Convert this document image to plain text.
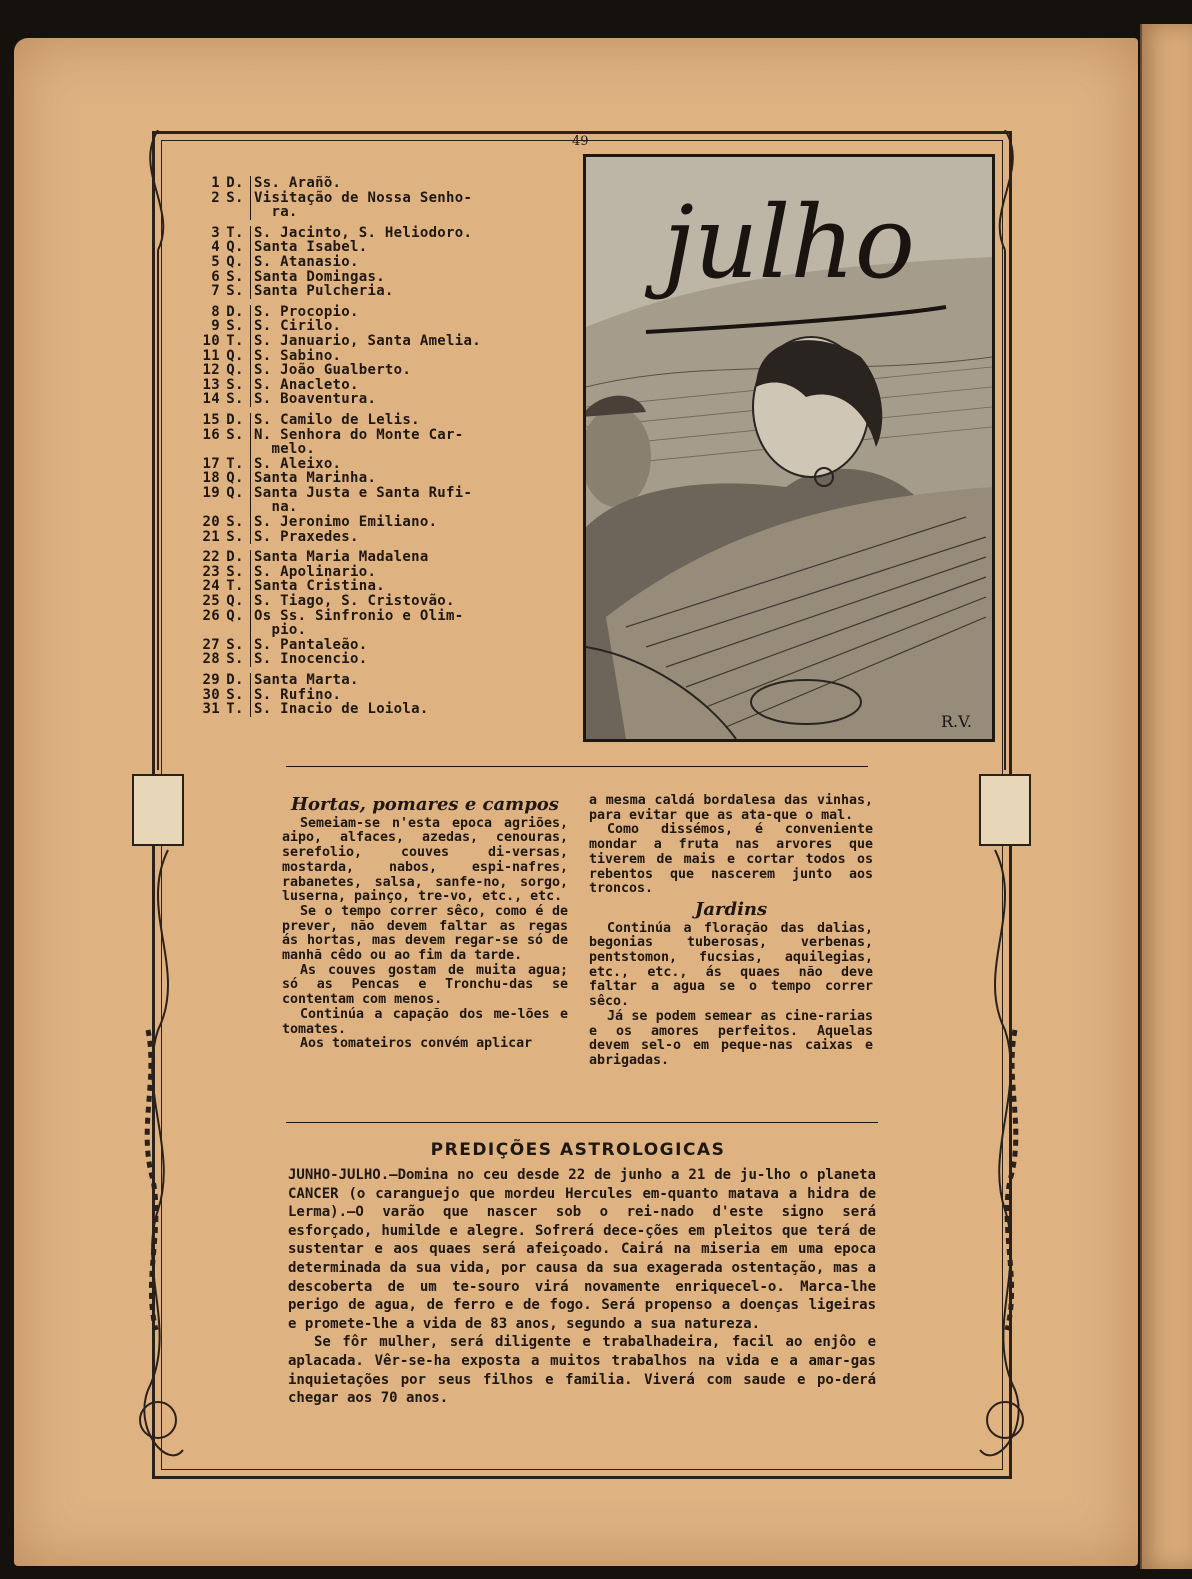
49
1 D. Ss. Arañ̃o.
2 S. Visitação de Nossa Senho-
ra.
3 T. S. Jacinto, S. Heliodoro.
4 Q. Santa Isabel.
5 Q. S. Atanasio.
6 S. Santa Domingas.
7 S. Santa Pulcheria.
8 D. S. Procopio.
9 S. S. Cirilo.
10 T. S. Januario, Santa Amelia.
11 Q. S. Sabino.
12 Q. S. João Gualberto.
13 S. S. Anacleto.
14 S. S. Boaventura.
15 D. S. Camilo de Lelis.
16 S. N. Senhora do Monte Car-
melo.
17 T. S. Aleixo.
18 Q. Santa Marinha.
19 Q. Santa Justa e Santa Rufi-
na.
20 S. S. Jeronimo Emiliano.
21 S. S. Praxedes.
22 D. Santa Maria Madalena
23 S. S. Apolinario.
24 T. Santa Cristina.
25 Q. S. Tiago, S. Cristovão.
26 Q. Os Ss. Sinfronio e Olim-
pio.
27 S. S. Pantaleão.
28 S. S. Inocencio.
29 D. Santa Marta.
30 S. S. Rufino.
31 T. S. Inacio de Loiola.
julho
R.V.
Hortas, pomares e campos

Semeiam-se n'esta epoca agriões, aipo, alfaces, azedas, cenouras, serefolio, couves di-versas, mostarda, nabos, espi-nafres, rabanetes, salsa, sanfe-no, sorgo, luserna, painço, tre-vo, etc., etc.

Se o tempo correr sêco, como é de prever, não devem faltar as regas ás hortas, mas devem regar-se só de manhã cêdo ou ao fim da tarde.

As couves gostam de muita agua; só as Pencas e Tronchu-das se contentam com menos.

Continúa a capação dos me-lões e tomates.

Aos tomateiros convém aplicar

a mesma caldá bordalesa das vinhas, para evitar que as ata-que o mal.

Como dissémos, é conveniente mondar a fruta nas arvores que tiverem de mais e cortar todos os rebentos que nascerem junto aos troncos.

Jardins

Continúa a floração das dalias, begonias tuberosas, verbenas, pentstomon, fucsias, aquilegias, etc., etc., ás quaes não deve faltar a agua se o tempo correr sêco.

Já se podem semear as cine-rarias e os amores perfeitos. Aquelas devem sel-o em peque-nas caixas e abrigadas.

PREDIÇÕES ASTROLOGICAS

JUNHO-JULHO.—Domina no ceu desde 22 de junho a 21 de ju-lho o planeta CANCER (o caranguejo que mordeu Hercules em-quanto matava a hidra de Lerma).—O varão que nascer sob o rei-nado d'este signo será esforçado, humilde e alegre. Sofrerá dece-ções em pleitos que terá de sustentar e aos quaes será afeiçoado. Cairá na miseria em uma epoca determinada da sua vida, por causa da sua exagerada ostentação, mas a descoberta de um te-souro virá novamente enriquecel-o. Marca-lhe perigo de agua, de ferro e de fogo. Será propenso a doenças ligeiras e promete-lhe a vida de 83 anos, segundo a sua natureza.

Se fôr mulher, será diligente e trabalhadeira, facil ao enjôo e aplacada. Vêr-se-ha exposta a muitos trabalhos na vida e a amar-gas inquietações por seus filhos e familia. Viverá com saude e po-derá chegar aos 70 anos.
